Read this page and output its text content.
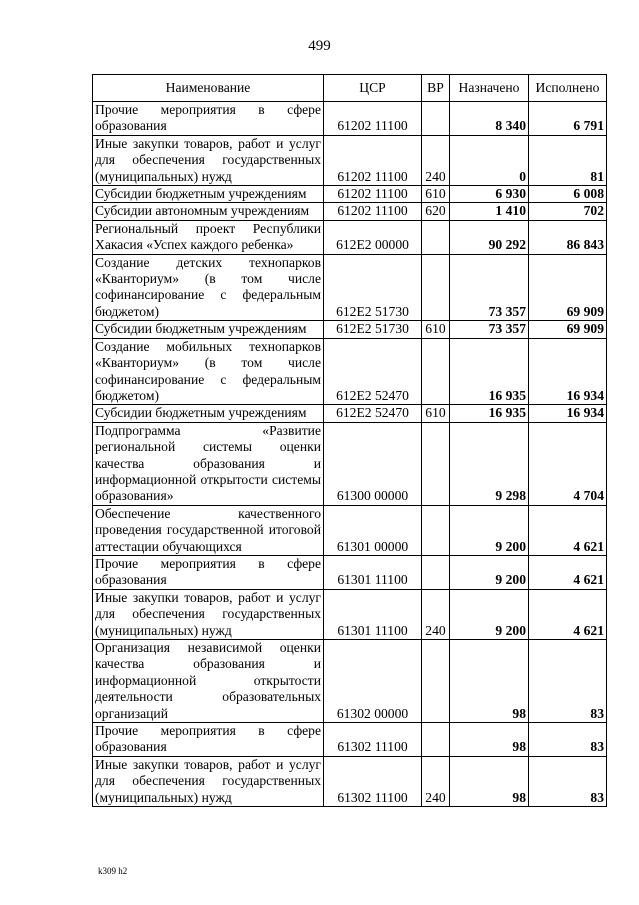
499
Наименование	ЦСР	ВР	Назначено	Исполнено
Прочие мероприятия в сфере образования	61202 11100		8 340	6 791
Иные закупки товаров, работ и услуг для обеспечения государственных (муниципальных) нужд	61202 11100	240	0	81
Субсидии бюджетным учреждениям	61202 11100	610	6 930	6 008
Субсидии автономным учреждениям	61202 11100	620	1 410	702
Региональный проект Республики Хакасия «Успех каждого ребенка»	612E2 00000		90 292	86 843
Создание детских технопарков «Кванториум» (в том числе софинансирование с федеральным бюджетом)	612E2 51730		73 357	69 909
Субсидии бюджетным учреждениям	612E2 51730	610	73 357	69 909
Создание мобильных технопарков «Кванториум» (в том числе софинансирование с федеральным бюджетом)	612E2 52470		16 935	16 934
Субсидии бюджетным учреждениям	612E2 52470	610	16 935	16 934
Подпрограмма «Развитие региональной системы оценки качества образования и информационной открытости системы образования»	61300 00000		9 298	4 704
Обеспечение качественного проведения государственной итоговой аттестации обучающихся	61301 00000		9 200	4 621
Прочие мероприятия в сфере образования	61301 11100		9 200	4 621
Иные закупки товаров, работ и услуг для обеспечения государственных (муниципальных) нужд	61301 11100	240	9 200	4 621
Организация независимой оценки качества образования и информационной открытости деятельности образовательных организаций	61302 00000		98	83
Прочие мероприятия в сфере образования	61302 11100		98	83
Иные закупки товаров, работ и услуг для обеспечения государственных (муниципальных) нужд	61302 11100	240	98	83
k309 h2
